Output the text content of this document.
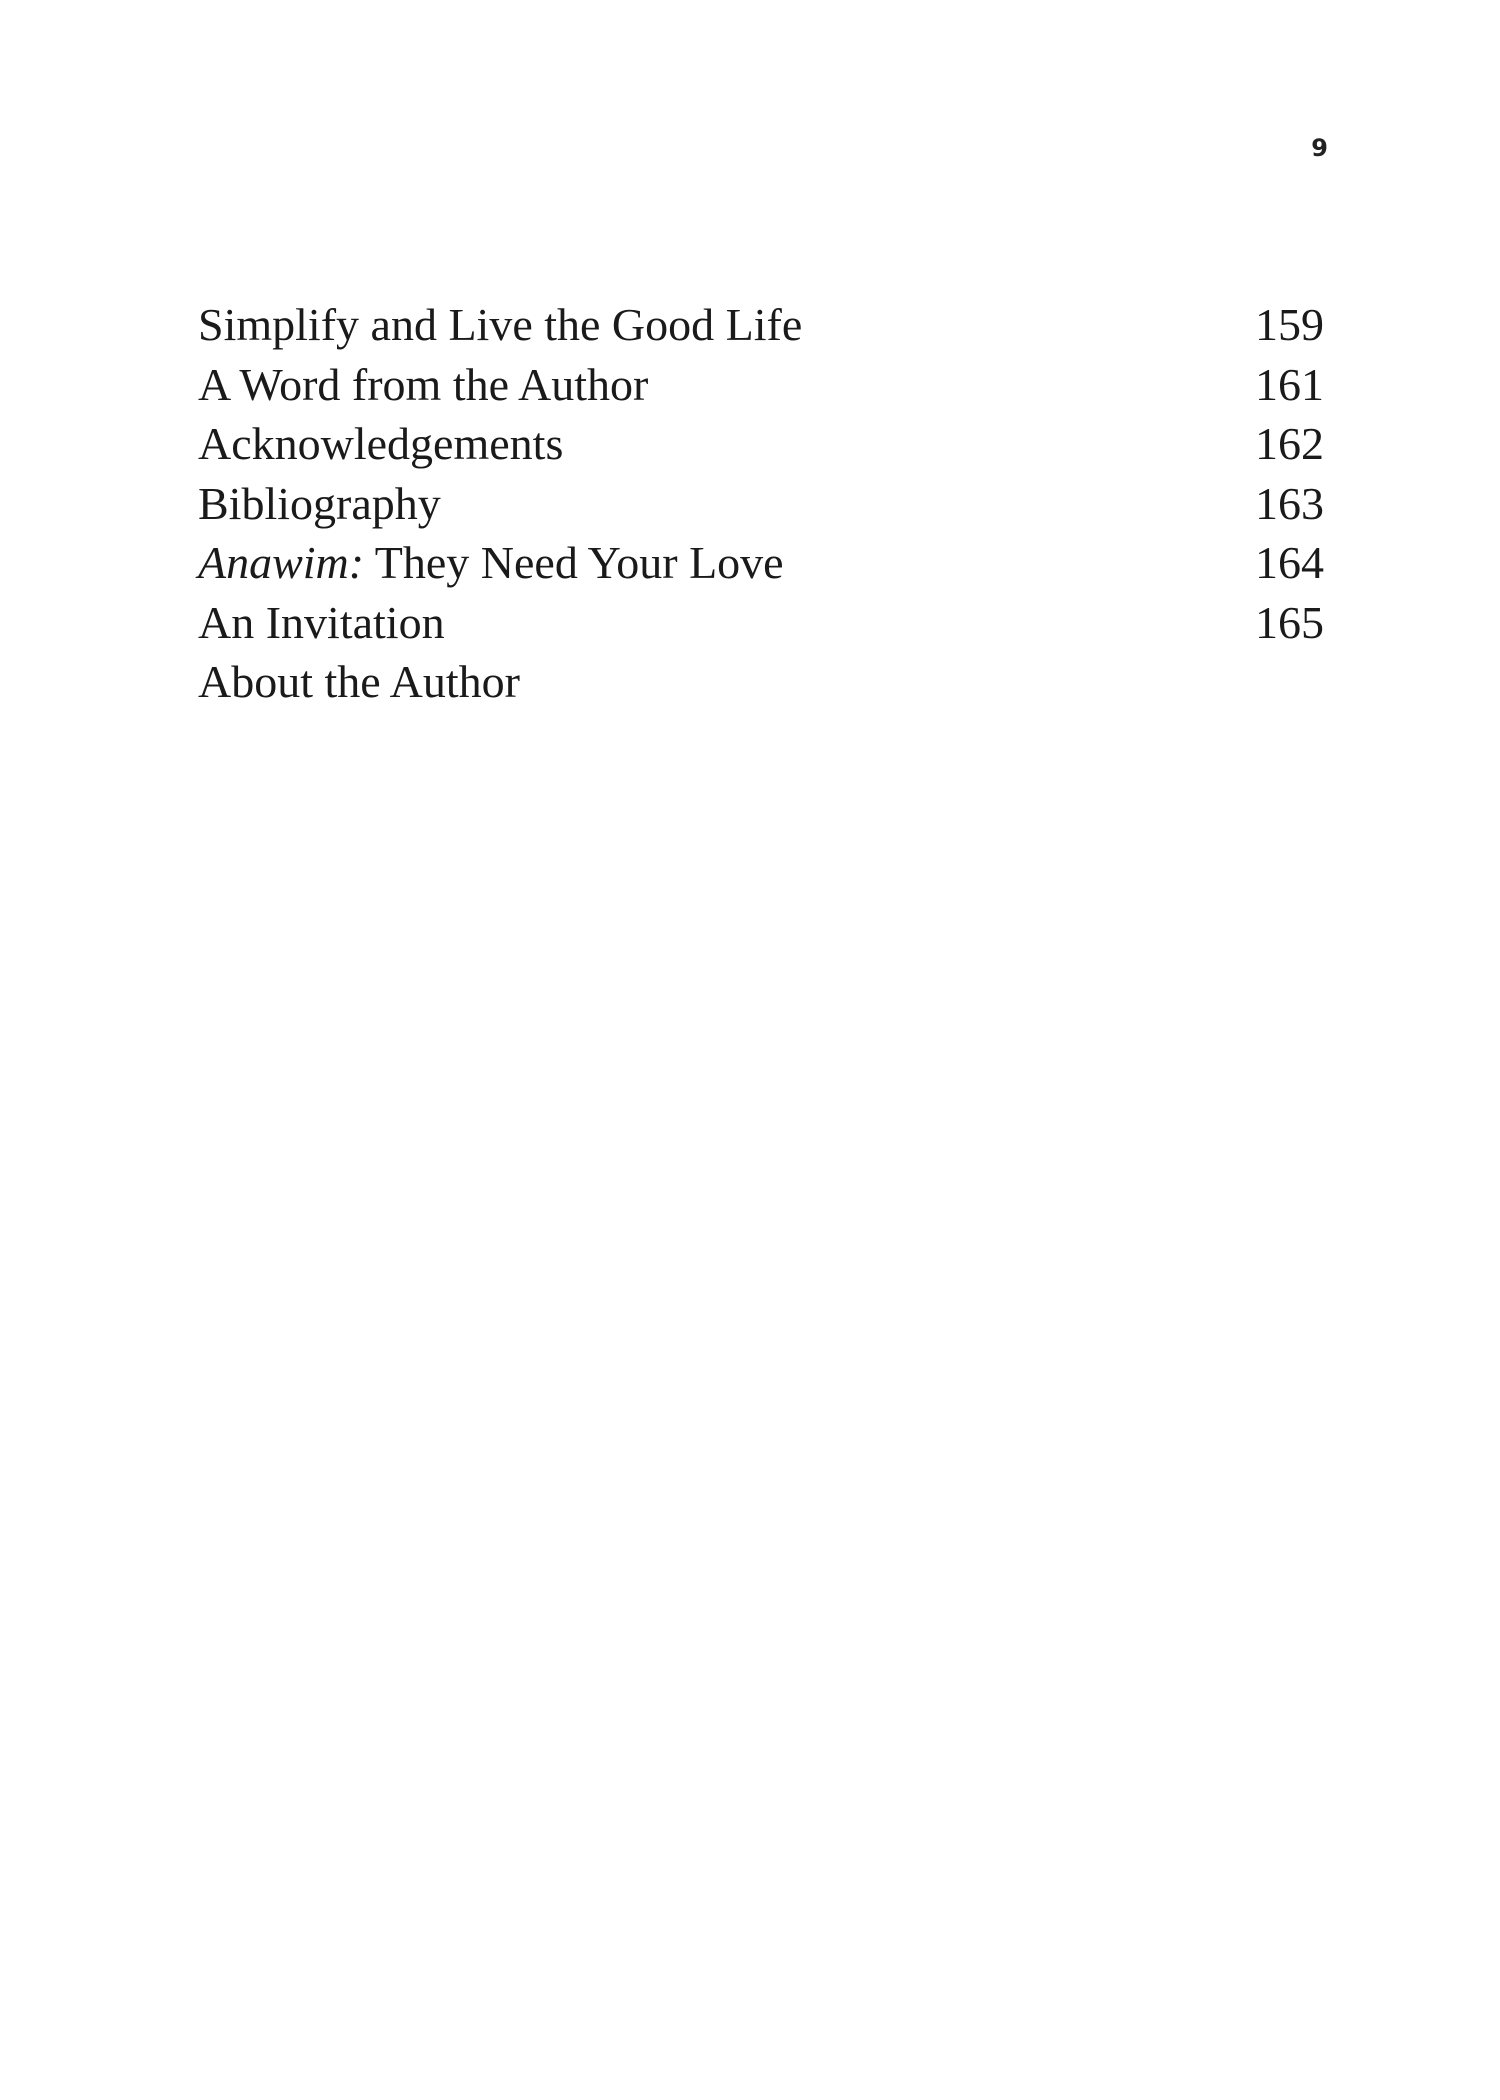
9
Simplify and Live the Good Life	159
A Word from the Author	161
Acknowledgements	162
Bibliography	163
Anawim: They Need Your Love	164
An Invitation	165
About the Author
